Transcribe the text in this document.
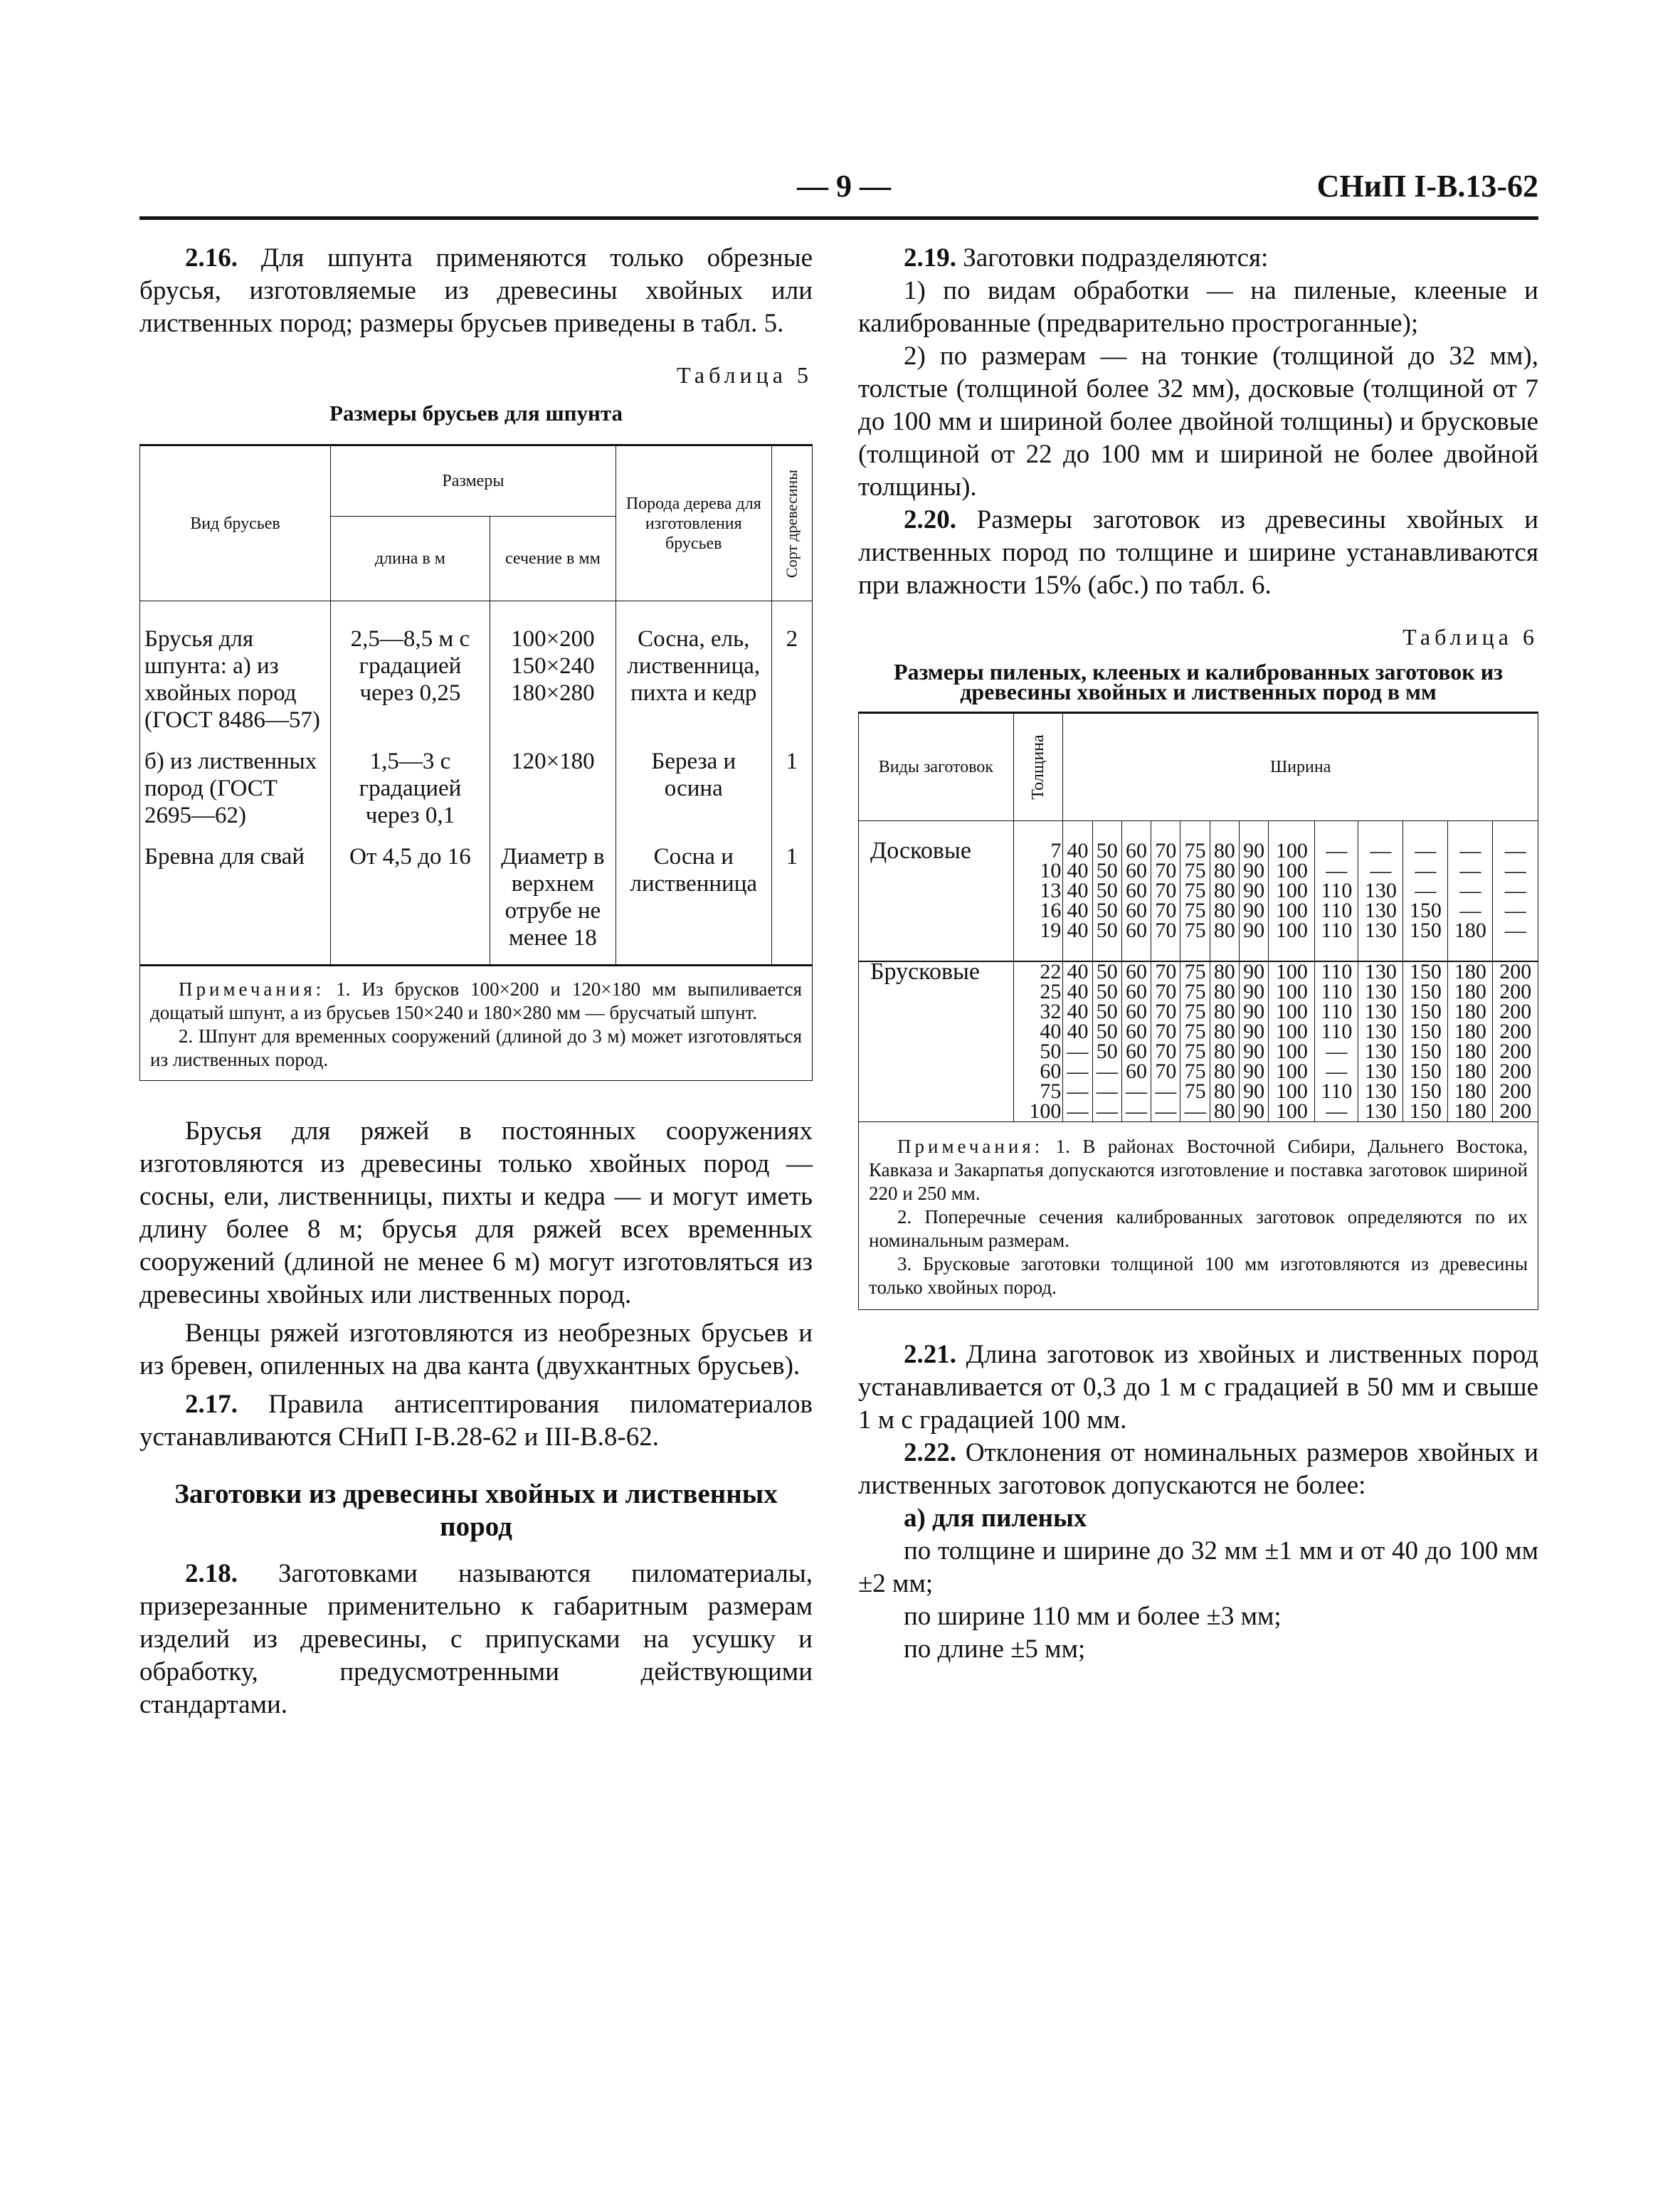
— 9 —	СНиП I-В.13-62

2.16. Для шпунта применяются только обрезные брусья, изготовляемые из древесины хвойных или лиственных пород; размеры брусьев приведены в табл. 5.

Таблица 5
Размеры брусьев для шпунта
Вид брусьев	Размеры		Порода дерева для изготовления брусьев	Сорт древесины

	длина в м	сечение в мм		
Брусья для шпунта: а) из хвойных пород (ГОСТ 8486—57)	2,5—8,5 м с градацией через 0,25	100×200 150×240 180×280	Сосна, ель, лиственница, пихта и кедр	2
б) из лиственных пород (ГОСТ 2695—62)	1,5—3 с градацией через 0,1	120×180	Береза и осина	1
Бревна для свай	От 4,5 до 16	Диаметр в верхнем отрубе не менее 18	Сосна и лиственница	1

Примечания: 1. Из брусков 100×200 и 120×180 мм выпиливается дощатый шпунт, а из брусьев 150×240 и 180×280 мм — брусчатый шпунт.

2. Шпунт для временных сооружений (длиной до 3 м) может изготовляться из лиственных пород.

Брусья для ряжей в постоянных сооружениях изготовляются из древесины только хвойных пород — сосны, ели, лиственницы, пихты и кедра — и могут иметь длину более 8 м; брусья для ряжей всех временных сооружений (длиной не менее 6 м) могут изготовляться из древесины хвойных или лиственных пород.

Венцы ряжей изготовляются из необрезных брусьев и из бревен, опиленных на два канта (двухкантных брусьев).

2.17. Правила антисептирования пиломатериалов устанавливаются СНиП I-В.28-62 и III-В.8-62.

Заготовки из древесины хвойных и лиственных пород

2.18. Заготовками называются пиломатериалы, призерезанные применительно к габаритным размерам изделий из древесины, с припусками на усушку и обработку, предусмотренными действующими стандартами.

2.19. Заготовки подразделяются:

1) по видам обработки — на пиленые, клееные и калиброванные (предварительно простроганные);

2) по размерам — на тонкие (толщиной до 32 мм), толстые (толщиной более 32 мм), досковые (толщиной от 7 до 100 мм и шириной более двойной толщины) и брусковые (толщиной от 22 до 100 мм и шириной не более двойной толщины).

2.20. Размеры заготовок из древесины хвойных и лиственных пород по толщине и ширине устанавливаются при влажности 15% (абс.) по табл. 6.

Таблица 6
Размеры пиленых, клееных и калиброванных заготовок из древесины хвойных и лиственных пород в мм
Виды заготовок	Толщина	Ширина												

Досковые	7	40	50	60	70	75	80	90	100	—	—	—	—	—
	10	40	50	60	70	75	80	90	100	—	—	—	—	—
	13	40	50	60	70	75	80	90	100	110	130	—	—	—
	16	40	50	60	70	75	80	90	100	110	130	150	—	—
	19	40	50	60	70	75	80	90	100	110	130	150	180	—

Брусковые	22	40	50	60	70	75	80	90	100	110	130	150	180	200
	25	40	50	60	70	75	80	90	100	110	130	150	180	200
	32	40	50	60	70	75	80	90	100	110	130	150	180	200
	40	40	50	60	70	75	80	90	100	110	130	150	180	200
	50	—	50	60	70	75	80	90	100	—	130	150	180	200
	60	—	—	60	70	75	80	90	100	—	130	150	180	200
	75	—	—	—	—	75	80	90	100	110	130	150	180	200
	100	—	—	—	—	—	80	90	100	—	130	150	180	200

Примечания: 1. В районах Восточной Сибири, Дальнего Востока, Кавказа и Закарпатья допускаются изготовление и поставка заготовок шириной 220 и 250 мм.

2. Поперечные сечения калиброванных заготовок определяются по их номинальным размерам.

3. Брусковые заготовки толщиной 100 мм изготовляются из древесины только хвойных пород.

2.21. Длина заготовок из хвойных и лиственных пород устанавливается от 0,3 до 1 м с градацией в 50 мм и свыше 1 м с градацией 100 мм.

2.22. Отклонения от номинальных размеров хвойных и лиственных заготовок допускаются не более:

а) для пиленых

по толщине и ширине до 32 мм ±1 мм и от 40 до 100 мм ±2 мм;

по ширине 110 мм и более ±3 мм;

по длине ±5 мм;
